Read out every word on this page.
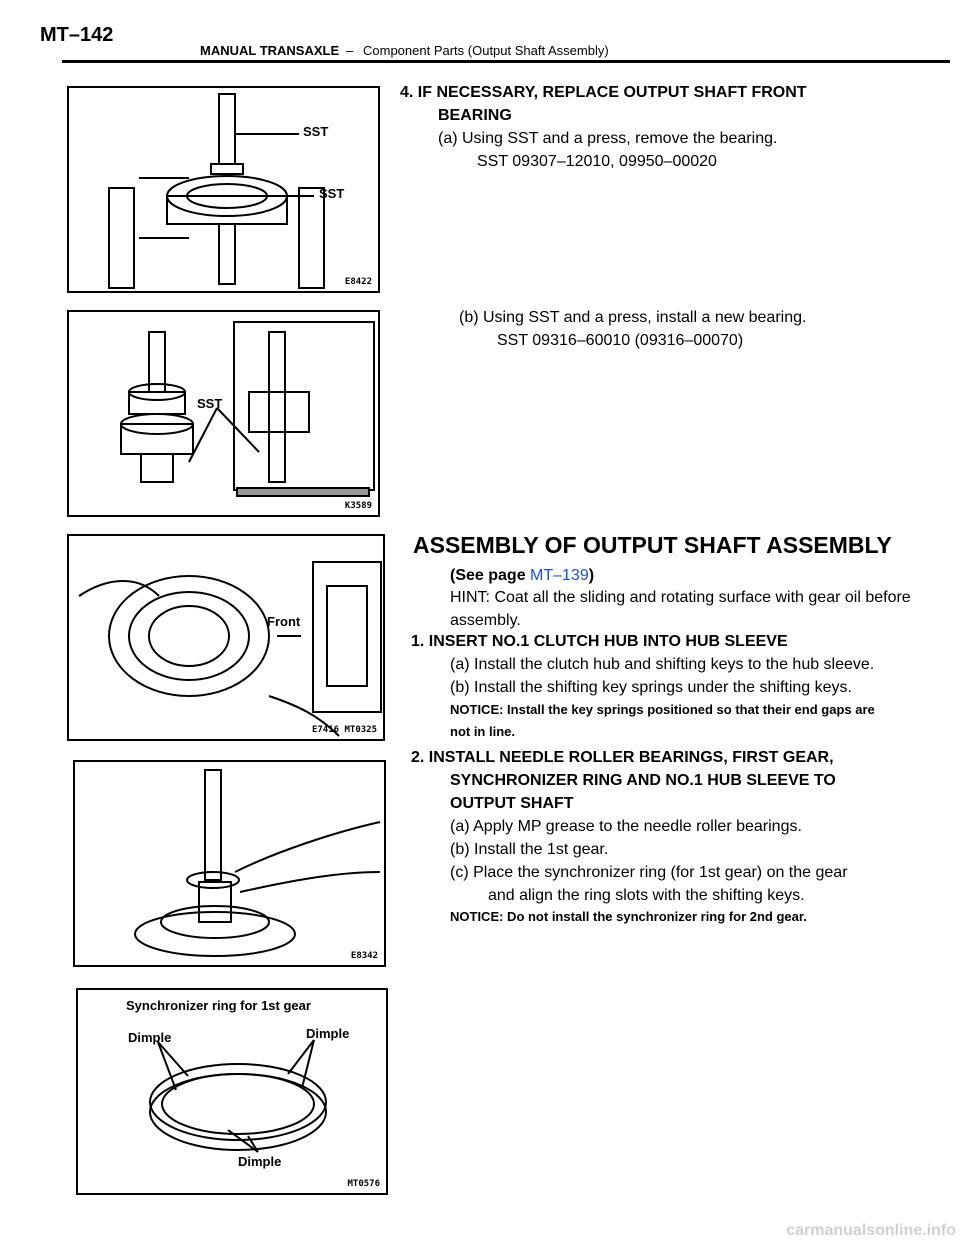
MT–142
MANUAL TRANSAXLE – Component Parts (Output Shaft Assembly)
SST
SST
E8422
SST
K3589
Front
E7416 MT0325
E8342
Synchronizer ring for 1st gear
Dimple	Dimple
Dimple
MT0576
4. IF NECESSARY, REPLACE OUTPUT SHAFT FRONT
BEARING
(a) Using SST and a press, remove the bearing.
SST 09307–12010, 09950–00020
(b) Using SST and a press, install a new bearing.
SST 09316–60010 (09316–00070)
ASSEMBLY OF OUTPUT SHAFT ASSEMBLY
(See page MT–139)
HINT: Coat all the sliding and rotating surface with gear oil before
assembly.
1. INSERT NO.1 CLUTCH HUB INTO HUB SLEEVE
(a) Install the clutch hub and shifting keys to the hub sleeve.
(b) Install the shifting key springs under the shifting keys.
NOTICE: Install the key springs positioned so that their end gaps are
not in line.
2. INSTALL NEEDLE ROLLER BEARINGS, FIRST GEAR,
SYNCHRONIZER RING AND NO.1 HUB SLEEVE TO
OUTPUT SHAFT
(a) Apply MP grease to the needle roller bearings.
(b) Install the 1st gear.
(c) Place the synchronizer ring (for 1st gear) on the gear
and align the ring slots with the shifting keys.
NOTICE: Do not install the synchronizer ring for 2nd gear.
carmanualsonline.info
